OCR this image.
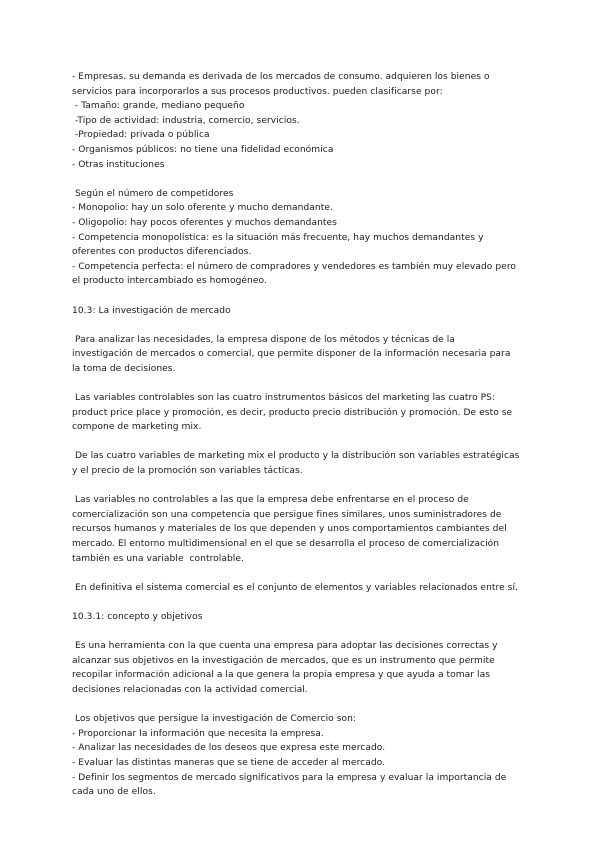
- Empresas. su demanda es derivada de los mercados de consumo. adquieren los bienes o
servicios para incorporarlos a sus procesos productivos. pueden clasificarse por:
- Tamaño: grande, mediano pequeño
-Tipo de actividad: industria, comercio, servicios.
-Propiedad: privada o pública
- Organismos públicos: no tiene una fidelidad económica
- Otras instituciones
Según el número de competidores
- Monopolio: hay un solo oferente y mucho demandante.
- Oligopolio: hay pocos oferentes y muchos demandantes
- Competencia monopolística: es la situación más frecuente, hay muchos demandantes y
oferentes con productos diferenciados.
- Competencia perfecta: el número de compradores y vendedores es también muy elevado pero
el producto intercambiado es homogéneo.
10.3: La investigación de mercado
Para analizar las necesidades, la empresa dispone de los métodos y técnicas de la
investigación de mercados o comercial, que permite disponer de la información necesaria para
la toma de decisiones.
Las variables controlables son las cuatro instrumentos básicos del marketing las cuatro PS:
product price place y promoción, es decir, producto precio distribución y promoción. De esto se
compone de marketing mix.
De las cuatro variables de marketing mix el producto y la distribución son variables estratégicas
y el precio de la promoción son variables tácticas.
Las variables no controlables a las que la empresa debe enfrentarse en el proceso de
comercialización son una competencia que persigue fines similares, unos suministradores de
recursos humanos y materiales de los que dependen y unos comportamientos cambiantes del
mercado. El entorno multidimensional en el que se desarrolla el proceso de comercialización
también es una variable  controlable.
En definitiva el sistema comercial es el conjunto de elementos y variables relacionados entre sí.
10.3.1: concepto y objetivos
Es una herramienta con la que cuenta una empresa para adoptar las decisiones correctas y
alcanzar sus objetivos en la investigación de mercados, que es un instrumento que permite
recopilar información adicional a la que genera la propia empresa y que ayuda a tomar las
decisiones relacionadas con la actividad comercial.
Los objetivos que persigue la investigación de Comercio son:
- Proporcionar la información que necesita la empresa.
- Analizar las necesidades de los deseos que expresa este mercado.
- Evaluar las distintas maneras que se tiene de acceder al mercado.
- Definir los segmentos de mercado significativos para la empresa y evaluar la importancia de
cada uno de ellos.
